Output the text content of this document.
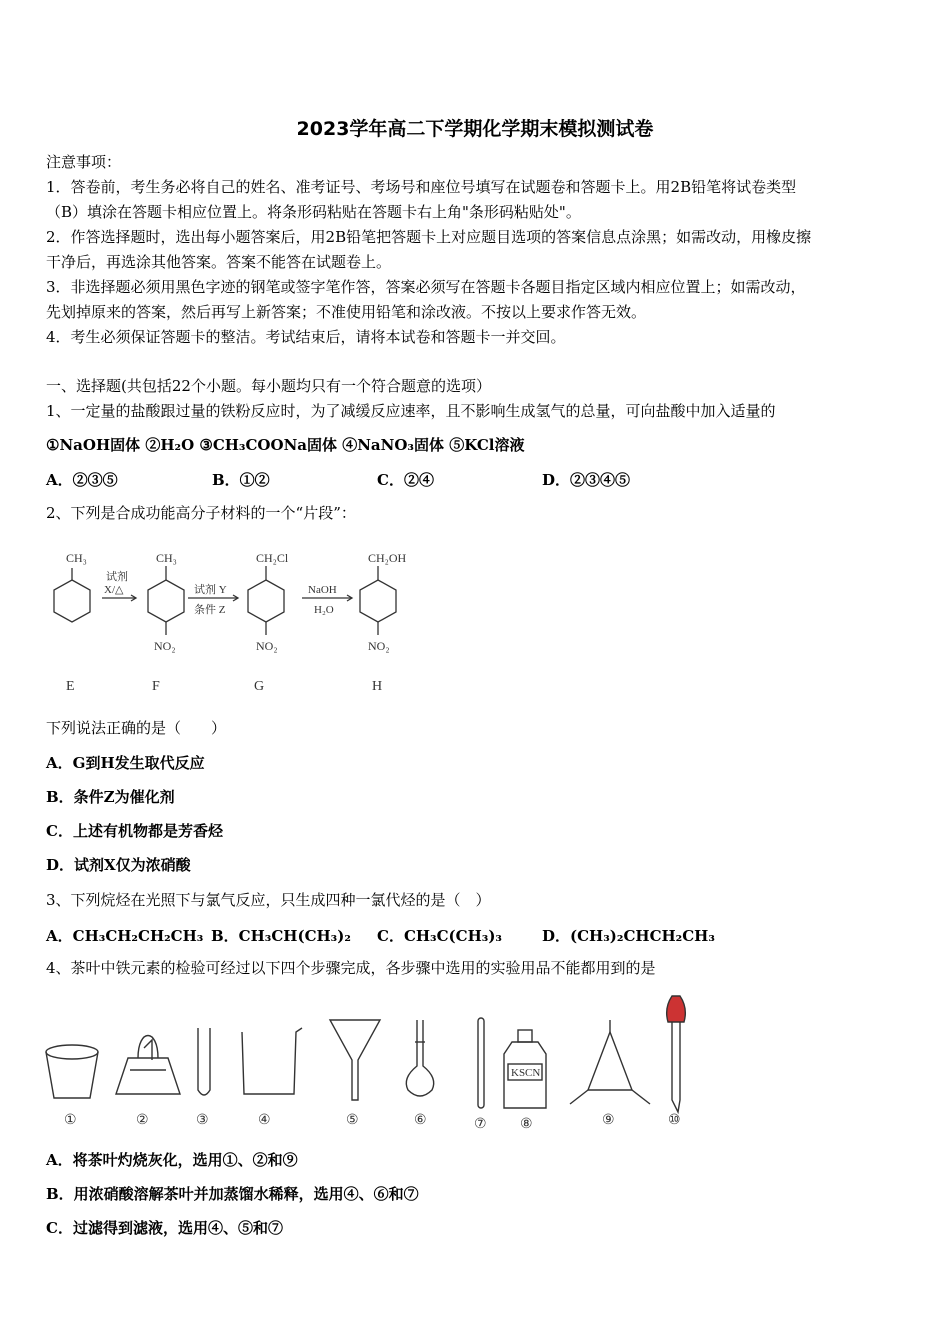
2023学年高二下学期化学期末模拟测试卷
注意事项：
1．答卷前，考生务必将自己的姓名、准考证号、考场号和座位号填写在试题卷和答题卡上。用2B铅笔将试卷类型
（B）填涂在答题卡相应位置上。将条形码粘贴在答题卡右上角"条形码粘贴处"。
2．作答选择题时，选出每小题答案后，用2B铅笔把答题卡上对应题目选项的答案信息点涂黑；如需改动，用橡皮擦
干净后，再选涂其他答案。答案不能答在试题卷上。
3．非选择题必须用黑色字迹的钢笔或签字笔作答，答案必须写在答题卡各题目指定区域内相应位置上；如需改动，
先划掉原来的答案，然后再写上新答案；不准使用铅笔和涂改液。不按以上要求作答无效。
4．考生必须保证答题卡的整洁。考试结束后，请将本试卷和答题卡一并交回。
一、选择题(共包括22个小题。每小题均只有一个符合题意的选项）
1、一定量的盐酸跟过量的铁粉反应时，为了减缓反应速率，且不影响生成氢气的总量，可向盐酸中加入适量的
①NaOH固体 ②H₂O ③CH₃COONa固体 ④NaNO₃固体 ⑤KCl溶液
A．②③⑤	B．①②	C．②④	D．②③④⑤
2、下列是合成功能高分子材料的一个“片段”：
CH₃	CH₃	CH₂Cl	CH₂OH
NO₂	NO₂	NO₂
试剂
X/△	试剂 Y
条件 Z
NaOH
H₂O
E	F	G	H
下列说法正确的是（　　）
A．G到H发生取代反应
B．条件Z为催化剂
C．上述有机物都是芳香烃
D．试剂X仅为浓硝酸
3、下列烷烃在光照下与氯气反应，只生成四种一氯代烃的是（　）
A．CH₃CH₂CH₂CH₃ B．CH₃CH(CH₃)₂ C．CH₃C(CH₃)₃	D．(CH₃)₂CHCH₂CH₃
4、茶叶中铁元素的检验可经过以下四个步骤完成，各步骤中选用的实验用品不能都用到的是
KSCN
①	②	③	④	⑤	⑥	⑦ ⑧	⑨	⑩
A．将茶叶灼烧灰化，选用①、②和⑨
B．用浓硝酸溶解茶叶并加蒸馏水稀释，选用④、⑥和⑦
C．过滤得到滤液，选用④、⑤和⑦
